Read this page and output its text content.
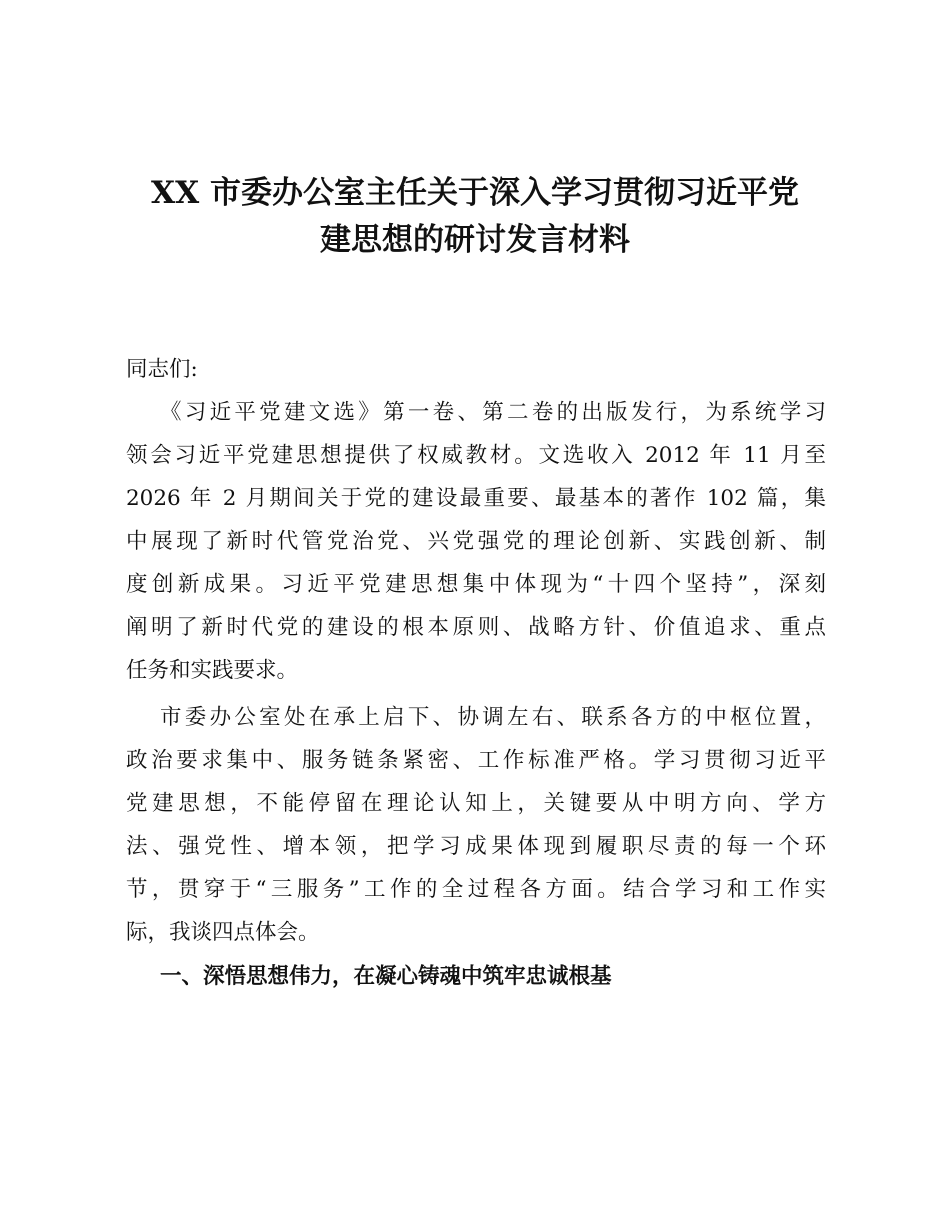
XX 市委办公室主任关于深入学习贯彻习近平党
建思想的研讨发言材料
同志们:
《习近平党建文选》第一卷、第二卷的出版发行，为系统学习
领会习近平党建思想提供了权威教材。文选收入 2012 年 11 月至
2026 年 2 月期间关于党的建设最重要、最基本的著作 102 篇，集
中展现了新时代管党治党、兴党强党的理论创新、实践创新、制
度创新成果。习近平党建思想集中体现为“十四个坚持”，深刻
阐明了新时代党的建设的根本原则、战略方针、价值追求、重点
任务和实践要求。
市委办公室处在承上启下、协调左右、联系各方的中枢位置，
政治要求集中、服务链条紧密、工作标准严格。学习贯彻习近平
党建思想，不能停留在理论认知上，关键要从中明方向、学方
法、强党性、增本领，把学习成果体现到履职尽责的每一个环
节，贯穿于“三服务”工作的全过程各方面。结合学习和工作实
际，我谈四点体会。
一、深悟思想伟力，在凝心铸魂中筑牢忠诚根基
